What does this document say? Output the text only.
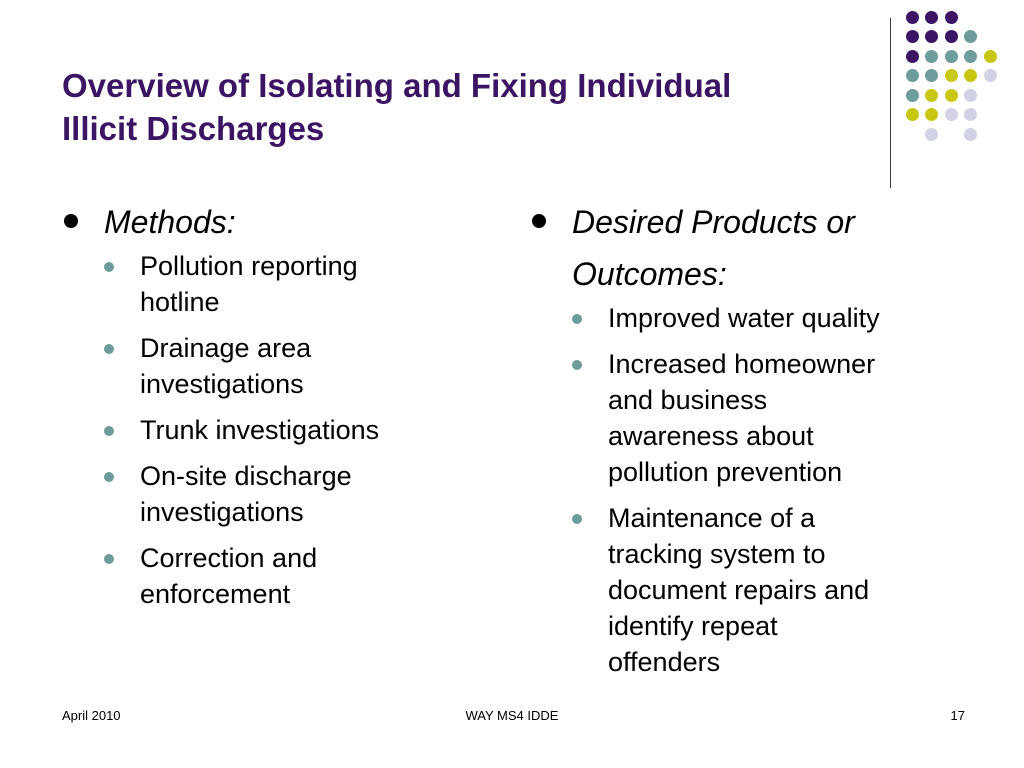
Overview of Isolating and Fixing Individual
Illicit Discharges
Methods:
Pollution reporting
hotline
Drainage area
investigations
Trunk investigations
On-site discharge
investigations
Correction and
enforcement
Desired Products or
Outcomes:
Improved water quality
Increased homeowner
and business
awareness about
pollution prevention
Maintenance of a
tracking system to
document repairs and
identify repeat
offenders
April 2010	WAY MS4 IDDE	17
